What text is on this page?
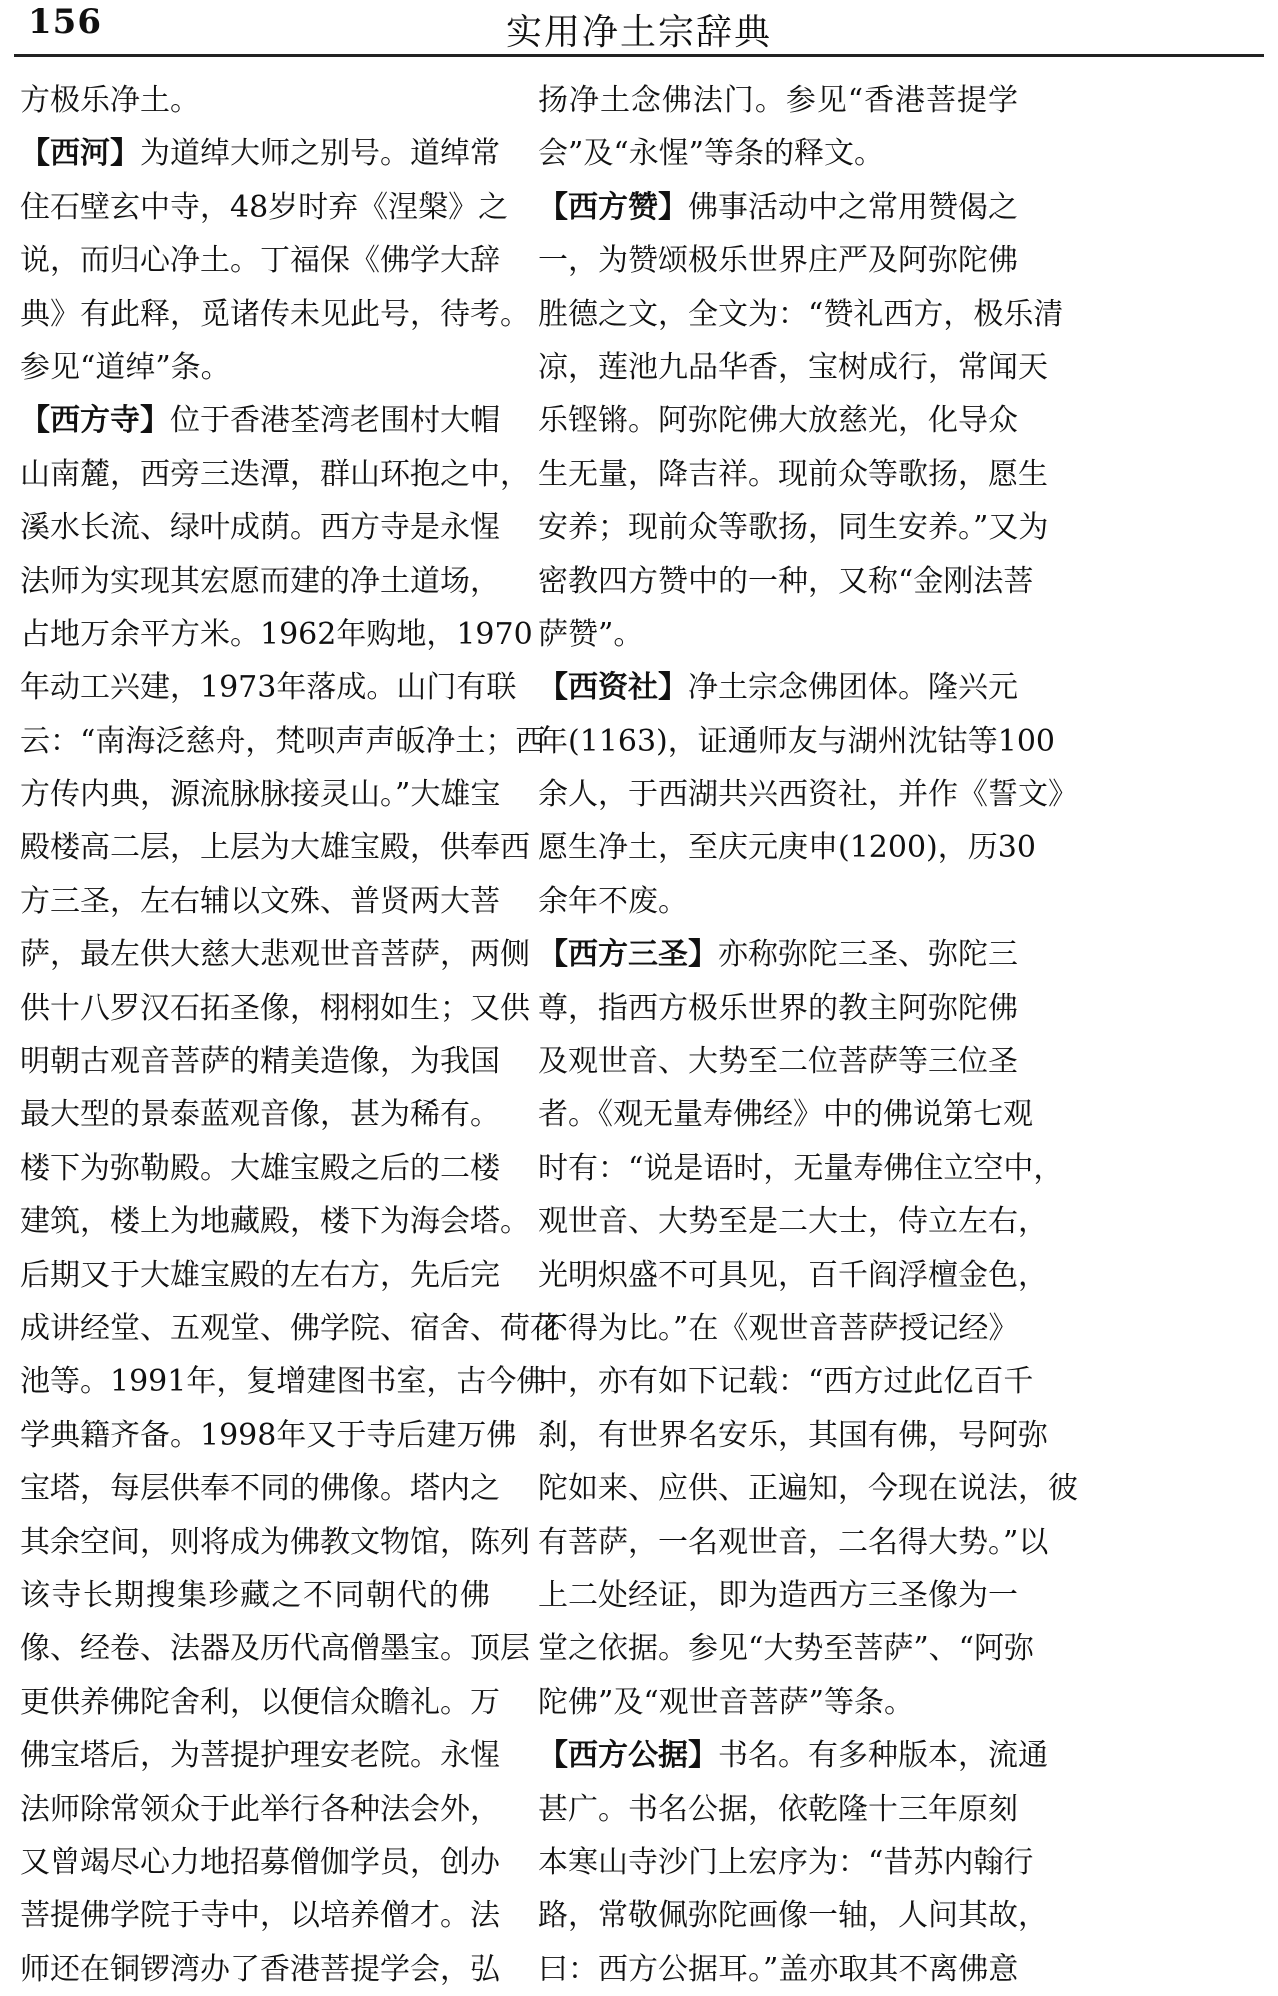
156	实用净土宗辞典
方极乐净土。
【西河】为道绰大师之别号。道绰常
住石壁玄中寺，48岁时弃《涅槃》之
说，而归心净土。丁福保《佛学大辞
典》有此释，觅诸传未见此号，待考。
参见“道绰”条。
【西方寺】位于香港荃湾老围村大帽
山南麓，西旁三迭潭，群山环抱之中，
溪水长流、绿叶成荫。西方寺是永惺
法师为实现其宏愿而建的净土道场，
占地万余平方米。1962年购地，1970
年动工兴建，1973年落成。山门有联
云：“南海泛慈舟，梵呗声声皈净土；西
方传内典，源流脉脉接灵山。”大雄宝
殿楼高二层，上层为大雄宝殿，供奉西
方三圣，左右辅以文殊、普贤两大菩
萨，最左供大慈大悲观世音菩萨，两侧
供十八罗汉石拓圣像，栩栩如生；又供
明朝古观音菩萨的精美造像，为我国
最大型的景泰蓝观音像，甚为稀有。
楼下为弥勒殿。大雄宝殿之后的二楼
建筑，楼上为地藏殿，楼下为海会塔。
后期又于大雄宝殿的左右方，先后完
成讲经堂、五观堂、佛学院、宿舍、荷花
池等。1991年，复增建图书室，古今佛
学典籍齐备。1998年又于寺后建万佛
宝塔，每层供奉不同的佛像。塔内之
其余空间，则将成为佛教文物馆，陈列
该寺长期搜集珍藏之不同朝代的佛
像、经卷、法器及历代高僧墨宝。顶层
更供养佛陀舍利，以便信众瞻礼。万
佛宝塔后，为菩提护理安老院。永惺
法师除常领众于此举行各种法会外，
又曾竭尽心力地招募僧伽学员，创办
菩提佛学院于寺中，以培养僧才。法
师还在铜锣湾办了香港菩提学会，弘
扬净土念佛法门。参见“香港菩提学
会”及“永惺”等条的释文。
【西方赞】佛事活动中之常用赞偈之
一，为赞颂极乐世界庄严及阿弥陀佛
胜德之文，全文为：“赞礼西方，极乐清
凉，莲池九品华香，宝树成行，常闻天
乐铿锵。阿弥陀佛大放慈光，化导众
生无量，降吉祥。现前众等歌扬，愿生
安养；现前众等歌扬，同生安养。”又为
密教四方赞中的一种，又称“金刚法菩
萨赞”。
【西资社】净土宗念佛团体。隆兴元
年(1163)，证通师友与湖州沈钴等100
余人，于西湖共兴西资社，并作《誓文》
愿生净土，至庆元庚申(1200)，历30
余年不废。
【西方三圣】亦称弥陀三圣、弥陀三
尊，指西方极乐世界的教主阿弥陀佛
及观世音、大势至二位菩萨等三位圣
者。《观无量寿佛经》中的佛说第七观
时有：“说是语时，无量寿佛住立空中，
观世音、大势至是二大士，侍立左右，
光明炽盛不可具见，百千阎浮檀金色，
不得为比。”在《观世音菩萨授记经》
中，亦有如下记载：“西方过此亿百千
刹，有世界名安乐，其国有佛，号阿弥
陀如来、应供、正遍知，今现在说法，彼
有菩萨，一名观世音，二名得大势。”以
上二处经证，即为造西方三圣像为一
堂之依据。参见“大势至菩萨”、“阿弥
陀佛”及“观世音菩萨”等条。
【西方公据】书名。有多种版本，流通
甚广。书名公据，依乾隆十三年原刻
本寒山寺沙门上宏序为：“昔苏内翰行
路，常敬佩弥陀画像一轴，人问其故，
曰：西方公据耳。”盖亦取其不离佛意
